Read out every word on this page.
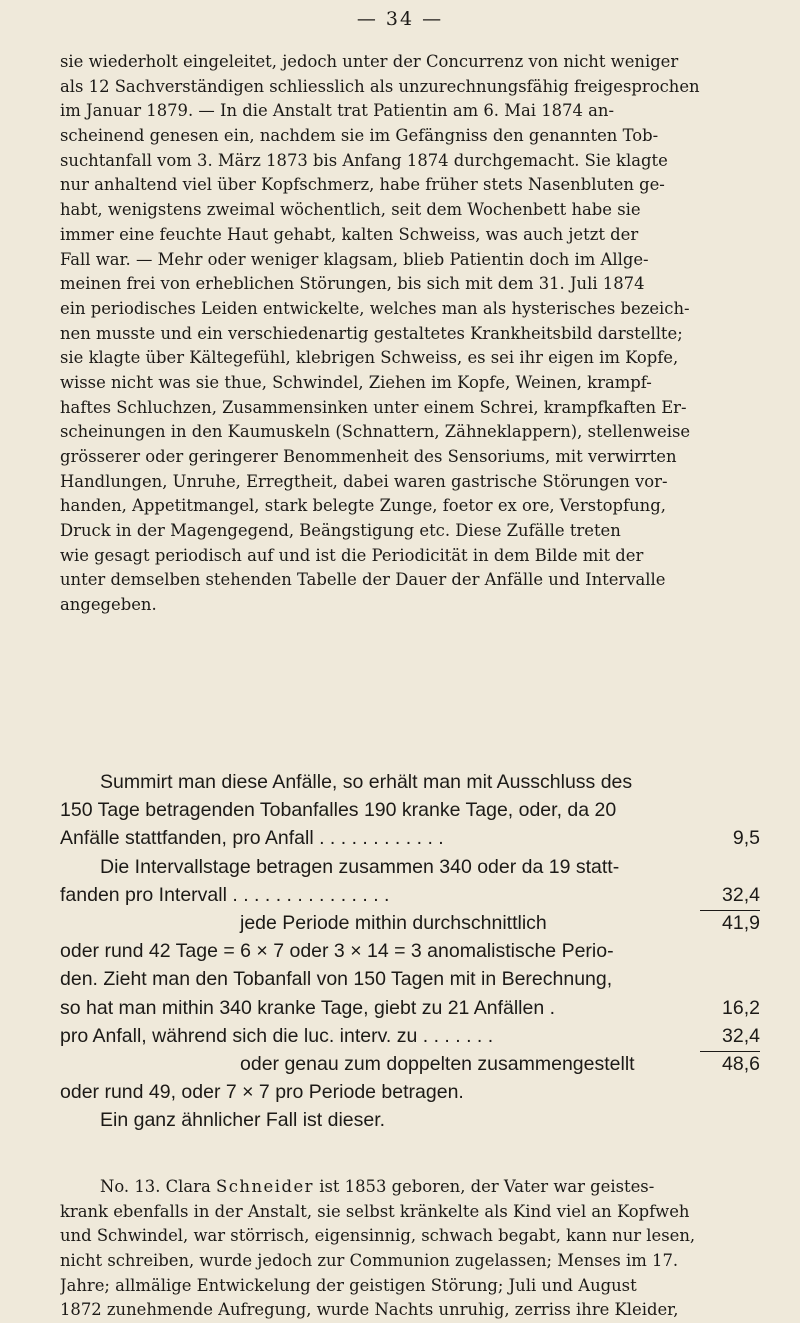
— 34 —
sie wiederholt eingeleitet, jedoch unter der Concurrenz von nicht weniger
als 12 Sachverständigen schliesslich als unzurechnungsfähig freigesprochen
im Januar 1879. — In die Anstalt trat Patientin am 6. Mai 1874 an-
scheinend genesen ein, nachdem sie im Gefängniss den genannten Tob-
suchtanfall vom 3. März 1873 bis Anfang 1874 durchgemacht. Sie klagte
nur anhaltend viel über Kopfschmerz, habe früher stets Nasenbluten ge-
habt, wenigstens zweimal wöchentlich, seit dem Wochenbett habe sie
immer eine feuchte Haut gehabt, kalten Schweiss, was auch jetzt der
Fall war. — Mehr oder weniger klagsam, blieb Patientin doch im Allge-
meinen frei von erheblichen Störungen, bis sich mit dem 31. Juli 1874
ein periodisches Leiden entwickelte, welches man als hysterisches bezeich-
nen musste und ein verschiedenartig gestaltetes Krankheitsbild darstellte;
sie klagte über Kältegefühl, klebrigen Schweiss, es sei ihr eigen im Kopfe,
wisse nicht was sie thue, Schwindel, Ziehen im Kopfe, Weinen, krampf-
haftes Schluchzen, Zusammensinken unter einem Schrei, krampfkaften Er-
scheinungen in den Kaumuskeln (Schnattern, Zähneklappern), stellenweise
grösserer oder geringerer Benommenheit des Sensoriums, mit verwirrten
Handlungen, Unruhe, Erregtheit, dabei waren gastrische Störungen vor-
handen, Appetitmangel, stark belegte Zunge, foetor ex ore, Verstopfung,
Druck in der Magengegend, Beängstigung etc. Diese Zufälle treten
wie gesagt periodisch auf und ist die Periodicität in dem Bilde mit der
unter demselben stehenden Tabelle der Dauer der Anfälle und Intervalle
angegeben.
Summirt man diese Anfälle, so erhält man mit Ausschluss des
150 Tage betragenden Tobanfalles 190 kranke Tage, oder, da 20
Anfälle stattfanden, pro Anfall . . . . . . . . . . . .	9,5
Die Intervallstage betragen zusammen 340 oder da 19 statt-
fanden pro Intervall . . . . . . . . . . . . . . .	32,4
jede Periode mithin durchschnittlich	41,9
oder rund 42 Tage = 6 × 7 oder 3 × 14 = 3 anomalistische Perio-
den. Zieht man den Tobanfall von 150 Tagen mit in Berechnung,
so hat man mithin 340 kranke Tage, giebt zu 21 Anfällen .	16,2
pro Anfall, während sich die luc. interv. zu . . . . . . .	32,4
oder genau zum doppelten zusammengestellt	48,6
oder rund 49, oder 7 × 7 pro Periode betragen.
Ein ganz ähnlicher Fall ist dieser.
No. 13. Clara Schneider ist 1853 geboren, der Vater war geistes-
krank ebenfalls in der Anstalt, sie selbst kränkelte als Kind viel an Kopfweh
und Schwindel, war störrisch, eigensinnig, schwach begabt, kann nur lesen,
nicht schreiben, wurde jedoch zur Communion zugelassen; Menses im 17.
Jahre; allmälige Entwickelung der geistigen Störung; Juli und August
1872 zunehmende Aufregung, wurde Nachts unruhig, zerriss ihre Kleider,
